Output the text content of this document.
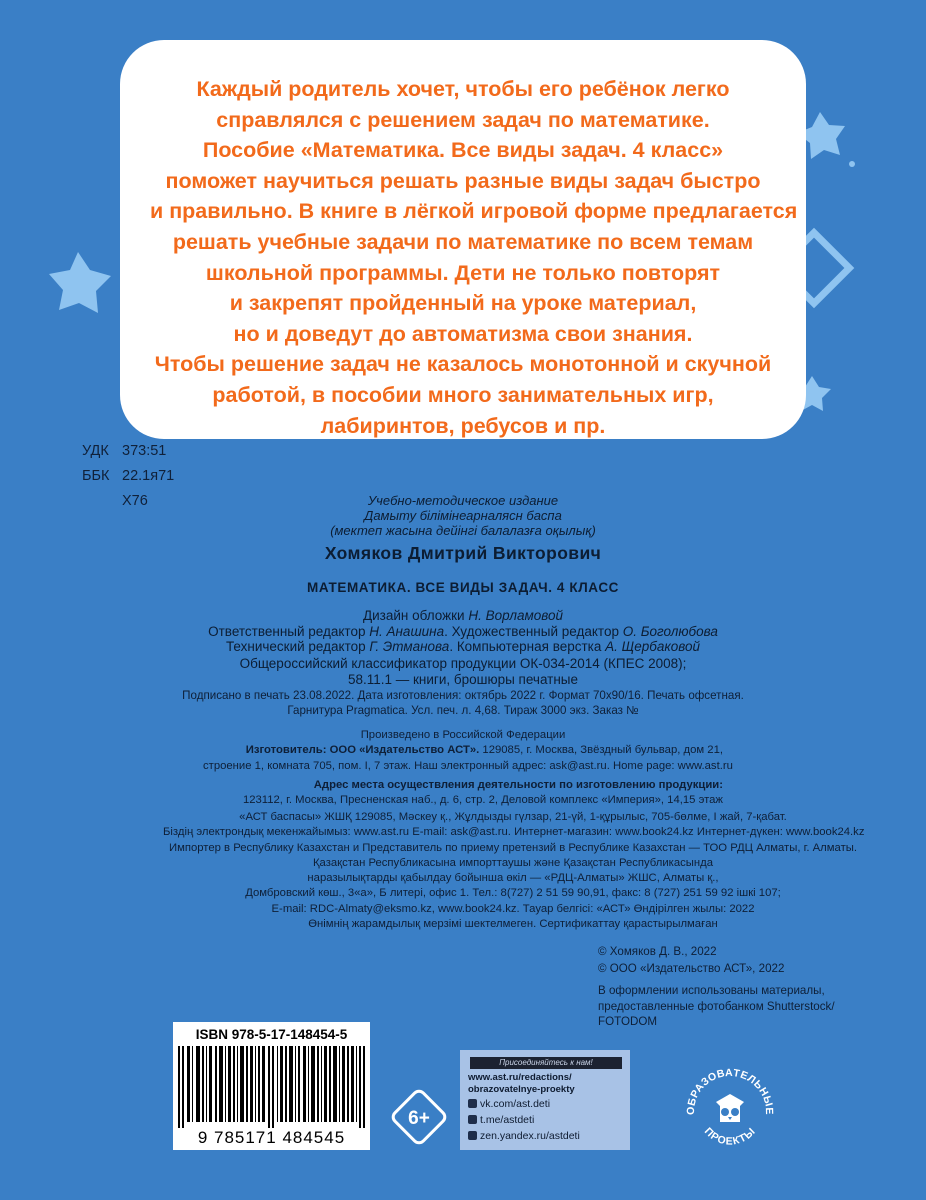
Каждый родитель хочет, чтобы его ребёнок легко
справлялся с решением задач по математике.
Пособие «Математика. Все виды задач. 4 класс»
поможет научиться решать разные виды задач быстро
и правильно. В книге в лёгкой игровой форме предлагается
решать учебные задачи по математике по всем темам
школьной программы. Дети не только повторят
и закрепят пройденный на уроке материал,
но и доведут до автоматизма свои знания.
Чтобы решение задач не казалось монотонной и скучной
работой, в пособии много занимательных игр,
лабиринтов, ребусов и пр.
УДК 373:51
ББК 22.1я71
Х76	Учебно-методическое издание
Дамыту білімінеарналясн баспа
(мектеп жасына дейінгі балалазға оқылық)
Хомяков Дмитрий Викторович
МАТЕМАТИКА. ВСЕ ВИДЫ ЗАДАЧ. 4 КЛАСС
Дизайн обложки Н. Ворламовой
Ответственный редактор Н. Анашина. Художественный редактор О. Боголюбова
Технический редактор Г. Этманова. Компьютерная верстка А. Щербаковой
Общероссийский классификатор продукции ОК-034-2014 (КПЕС 2008);
58.11.1 — книги, брошюры печатные
Подписано в печать 23.08.2022. Дата изготовления: октябрь 2022 г. Формат 70х90/16. Печать офсетная.
Гарнитура Pragmatica. Усл. печ. л. 4,68. Тираж 3000 экз. Заказ №
Произведено в Российской Федерации
Изготовитель: ООО «Издательство АСТ». 129085, г. Москва, Звёздный бульвар, дом 21,
строение 1, комната 705, пом. I, 7 этаж. Наш электронный адрес: ask@ast.ru. Home page: www.ast.ru
Адрес места осуществления деятельности по изготовлению продукции:
123112, г. Москва, Пресненская наб., д. 6, стр. 2, Деловой комплекс «Империя», 14,15 этаж
«АСТ баспасы» ЖШҚ 129085, Мәскеу қ., Жұлдызды гүлзар, 21-үй, 1-құрылыс, 705-бөлме, I жай, 7-қабат.
Біздің электрондық мекенжайымыз: www.ast.ru E-mail: ask@ast.ru. Интернет-магазин: www.book24.kz Интернет-дүкен: www.book24.kz
Импортер в Республику Казахстан и Представитель по приему претензий в Республике Казахстан — ТОО РДЦ Алматы, г. Алматы.
Қазақстан Республикасына импорттаушы және Қазақстан Республикасында
наразылықтарды қабылдау бойынша өкіл — «РДЦ-Алматы» ЖШС, Алматы қ.,
Домбровский көш., 3«а», Б литері, офис 1. Тел.: 8(727) 2 51 59 90,91, факс: 8 (727) 251 59 92 ішкі 107;
E-mail: RDC-Almaty@eksmo.kz, www.book24.kz. Тауар белгісі: «АСТ» Өндірілген жылы: 2022
Өнімнің жарамдылық мерзімі шектелмеген. Сертификаттау қарастырылмаған
© Хомяков Д. В., 2022
© ООО «Издательство АСТ», 2022
В оформлении использованы материалы,
предоставленные фотобанком Shutterstock/
FOTODOM
ISBN 978-5-17-148454-5
9 785171 484545
6+
Присоединяйтесь к нам!
www.ast.ru/redactions/
obrazovatelnye-proekty
vk.com/ast.deti
t.me/astdeti
zen.yandex.ru/astdeti
ОБРАЗОВАТЕЛЬНЫЕ
ПРОЕКТЫ
